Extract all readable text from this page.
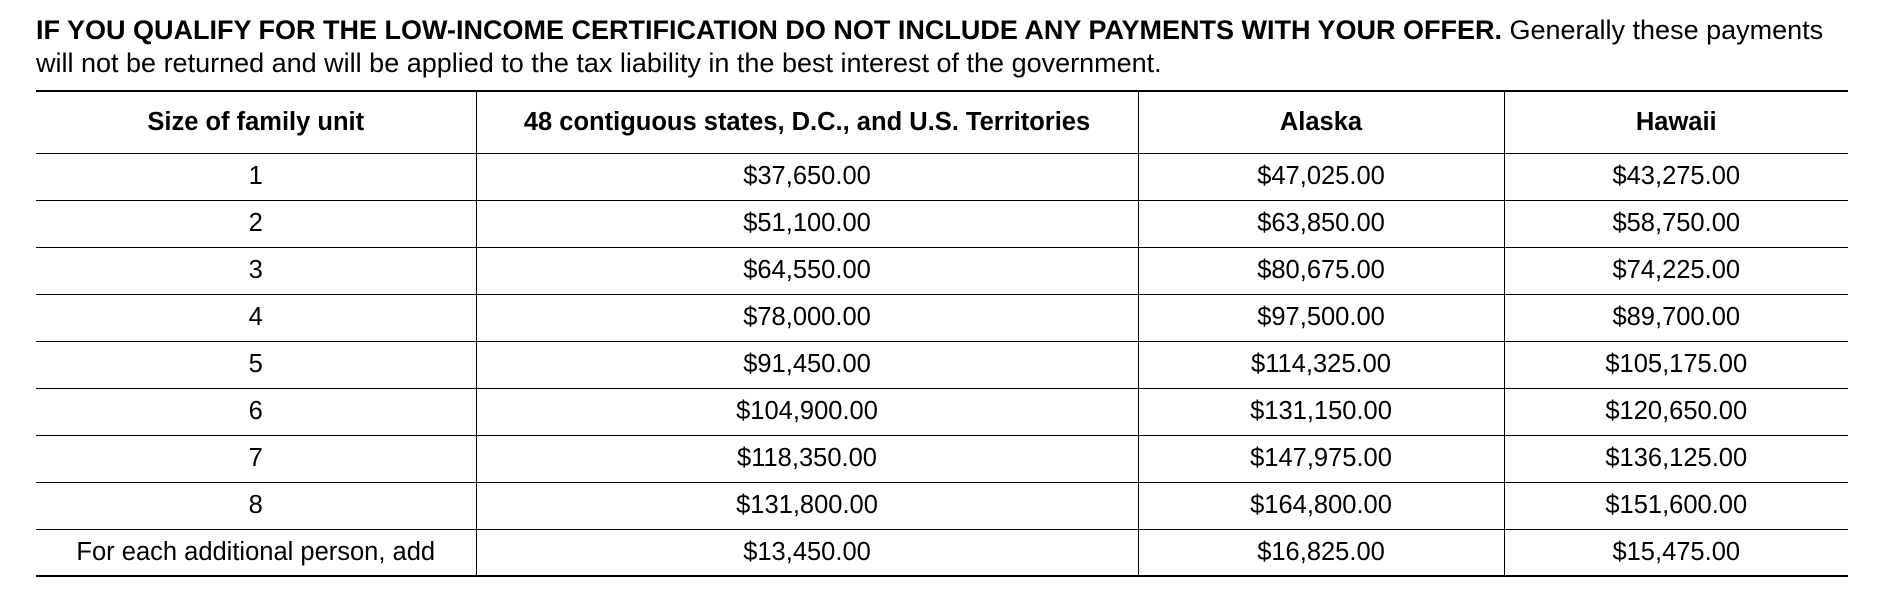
IF YOU QUALIFY FOR THE LOW-INCOME CERTIFICATION DO NOT INCLUDE ANY PAYMENTS WITH YOUR OFFER. Generally these payments will not be returned and will be applied to the tax liability in the best interest of the government.

Size of family unit	48 contiguous states, D.C., and U.S. Territories	Alaska	Hawaii
1	$37,650.00	$47,025.00	$43,275.00
2	$51,100.00	$63,850.00	$58,750.00
3	$64,550.00	$80,675.00	$74,225.00
4	$78,000.00	$97,500.00	$89,700.00
5	$91,450.00	$114,325.00	$105,175.00
6	$104,900.00	$131,150.00	$120,650.00
7	$118,350.00	$147,975.00	$136,125.00
8	$131,800.00	$164,800.00	$151,600.00
For each additional person, add	$13,450.00	$16,825.00	$15,475.00
